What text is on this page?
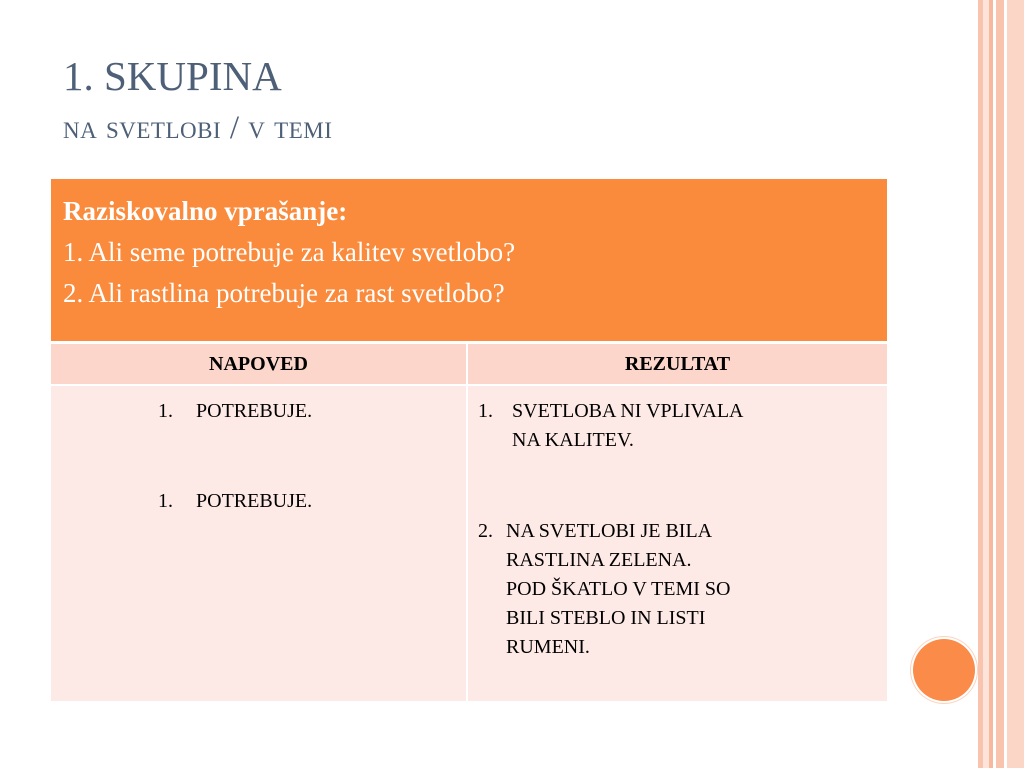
1. SKUPINA
na svetlobi / v temi
Raziskovalno vprašanje:
1. Ali seme potrebuje za kalitev svetlobo?
2. Ali rastlina potrebuje za rast svetlobo?
NAPOVED	REZULTAT
1. POTREBUJE.
1. POTREBUJE.
1. SVETLOBA NI VPLIVALA
NA KALITEV.
2. NA SVETLOBI JE BILA
RASTLINA ZELENA.
POD ŠKATLO V TEMI SO
BILI STEBLO IN LISTI
RUMENI.
